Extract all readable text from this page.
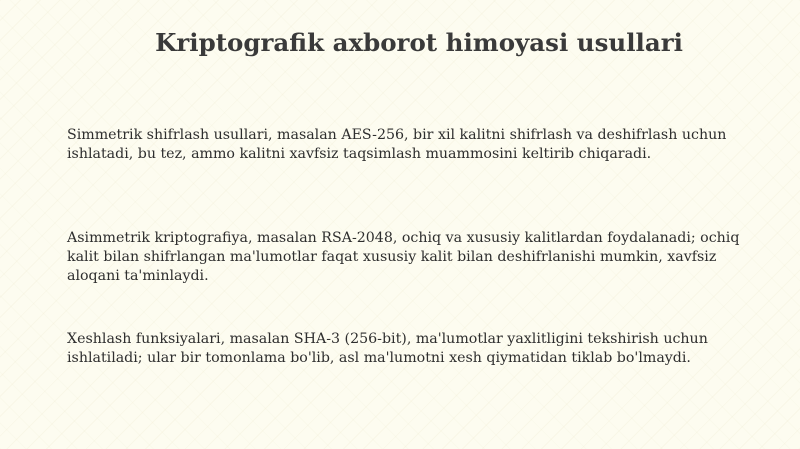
Kriptografik axborot himoyasi usullari

Simmetrik shifrlash usullari, masalan AES-256, bir xil kalitni shifrlash va deshifrlash uchun ishlatadi, bu tez, ammo kalitni xavfsiz taqsimlash muammosini keltirib chiqaradi.

Asimmetrik kriptografiya, masalan RSA-2048, ochiq va xususiy kalitlardan foydalanadi; ochiq kalit bilan shifrlangan ma'lumotlar faqat xususiy kalit bilan deshifrlanishi mumkin, xavfsiz aloqani ta'minlaydi.

Xeshlash funksiyalari, masalan SHA-3 (256-bit), ma'lumotlar yaxlitligini tekshirish uchun ishlatiladi; ular bir tomonlama bo'lib, asl ma'lumotni xesh qiymatidan tiklab bo'lmaydi.
